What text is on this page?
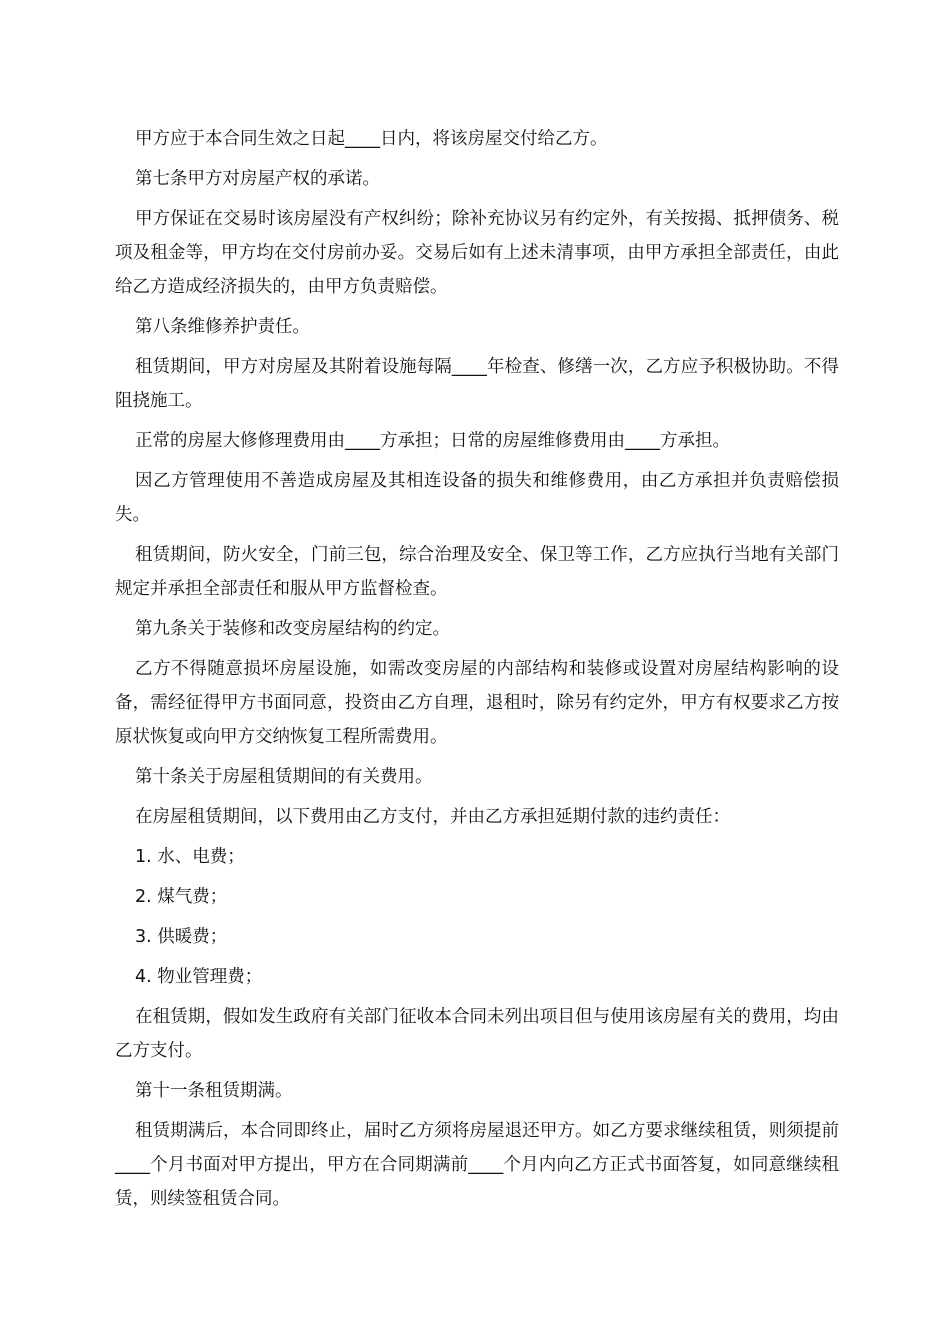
甲方应于本合同生效之日起____日内，将该房屋交付给乙方。

第七条甲方对房屋产权的承诺。

甲方保证在交易时该房屋没有产权纠纷；除补充协议另有约定外，有关按揭、抵押债务、税项及租金等，甲方均在交付房前办妥。交易后如有上述未清事项，由甲方承担全部责任，由此给乙方造成经济损失的，由甲方负责赔偿。

第八条维修养护责任。

租赁期间，甲方对房屋及其附着设施每隔____年检查、修缮一次，乙方应予积极协助。不得阻挠施工。

正常的房屋大修修理费用由____方承担；日常的房屋维修费用由____方承担。

因乙方管理使用不善造成房屋及其相连设备的损失和维修费用，由乙方承担并负责赔偿损失。

租赁期间，防火安全，门前三包，综合治理及安全、保卫等工作，乙方应执行当地有关部门规定并承担全部责任和服从甲方监督检查。

第九条关于装修和改变房屋结构的约定。

乙方不得随意损坏房屋设施，如需改变房屋的内部结构和装修或设置对房屋结构影响的设备，需经征得甲方书面同意，投资由乙方自理，退租时，除另有约定外，甲方有权要求乙方按原状恢复或向甲方交纳恢复工程所需费用。

第十条关于房屋租赁期间的有关费用。

在房屋租赁期间，以下费用由乙方支付，并由乙方承担延期付款的违约责任：

1. 水、电费；

2. 煤气费；

3. 供暖费；

4. 物业管理费；

在租赁期，假如发生政府有关部门征收本合同未列出项目但与使用该房屋有关的费用，均由乙方支付。

第十一条租赁期满。

租赁期满后，本合同即终止，届时乙方须将房屋退还甲方。如乙方要求继续租赁，则须提前____个月书面对甲方提出，甲方在合同期满前____个月内向乙方正式书面答复，如同意继续租赁，则续签租赁合同。
